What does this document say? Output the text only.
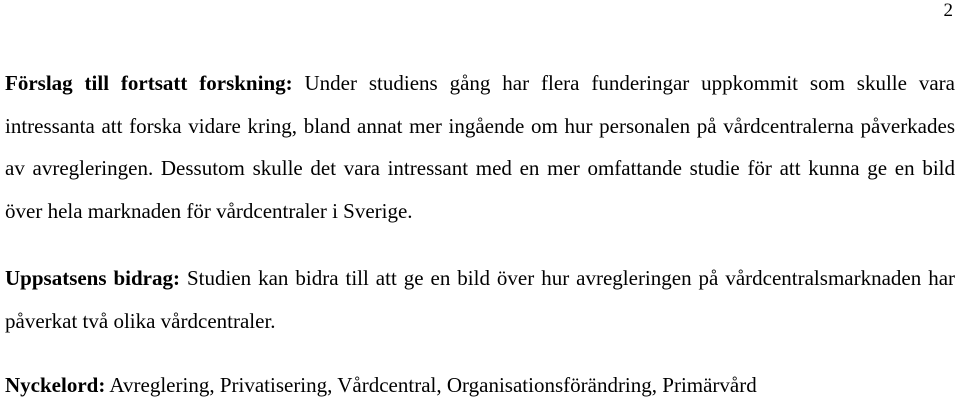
2

Förslag till fortsatt forskning: Under studiens gång har flera funderingar uppkommit som skulle vara intressanta att forska vidare kring, bland annat mer ingående om hur personalen på vårdcentralerna påverkades av avregleringen. Dessutom skulle det vara intressant med en mer omfattande studie för att kunna ge en bild över hela marknaden för vårdcentraler i Sverige.

Uppsatsens bidrag: Studien kan bidra till att ge en bild över hur avregleringen på vårdcentralsmarknaden har påverkat två olika vårdcentraler.

Nyckelord: Avreglering, Privatisering, Vårdcentral, Organisationsförändring, Primärvård
